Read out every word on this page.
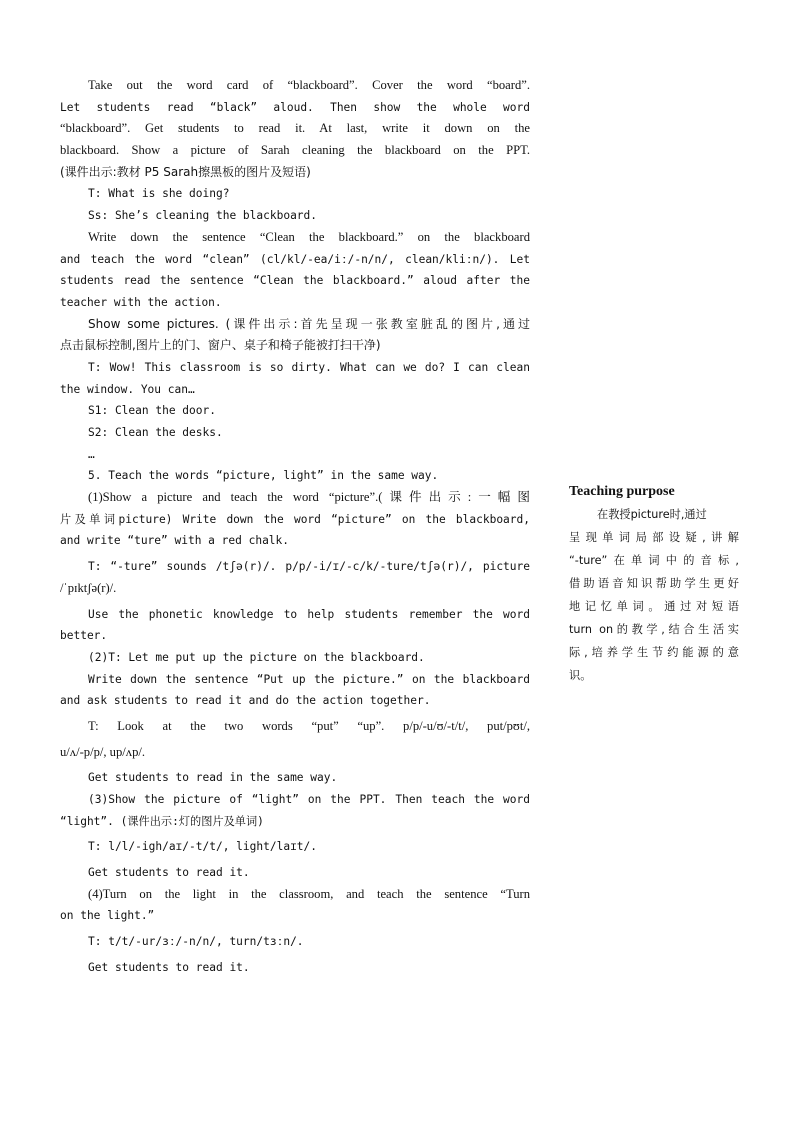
Take out the word card of “blackboard”. Cover the word “board”.
Let students read “black” aloud. Then show the whole word
“blackboard”. Get students to read it. At last, write it down on the
blackboard. Show a picture of Sarah cleaning the blackboard on the PPT.
(课件出示:教材 P5 Sarah擦黑板的图片及短语)
T: What is she doing?
Ss: She’s cleaning the blackboard.
Write down the sentence “Clean the blackboard.” on the blackboard
and teach the word “clean” (cl/kl/-ea/iː/-n/n/, clean/kliːn/). Let
students read the sentence “Clean the blackboard.” aloud after the
teacher with the action.
Show some pictures. (课件出示:首先呈现一张教室脏乱的图片,通过
点击鼠标控制,图片上的门、窗户、桌子和椅子能被打扫干净)
T: Wow! This classroom is so dirty. What can we do? I can clean
the window. You can…
S1: Clean the door.
S2: Clean the desks.
…
5. Teach the words “picture, light” in the same way.
(1)Show a picture and teach the word “picture”.(课件出示:一幅图
片及单词picture) Write down the word “picture” on the blackboard,
and write “ture” with a red chalk.
T: “-ture” sounds /tʃə(r)/. p/p/-i/ɪ/-c/k/-ture/tʃə(r)/, picture
/ˈpɪktʃə(r)/.
Use the phonetic knowledge to help students remember the word
better.
(2)T: Let me put up the picture on the blackboard.
Write down the sentence “Put up the picture.” on the blackboard
and ask students to read it and do the action together.
T: Look at the two words “put” “up”. p/p/-u/ʊ/-t/t/, put/pʊt/,
u/ʌ/-p/p/, up/ʌp/.
Get students to read in the same way.
(3)Show the picture of “light” on the PPT. Then teach the word
“light”. (课件出示:灯的图片及单词)
T: l/l/-igh/aɪ/-t/t/, light/laɪt/.
Get students to read it.
(4)Turn on the light in the classroom, and teach the sentence “Turn
on the light.”
T: t/t/-ur/ɜː/-n/n/, turn/tɜːn/.
Get students to read it.
Teaching purpose
在教授picture时,通过
呈现单词局部设疑,讲解
“-ture”在单词中的音标,
借助语音知识帮助学生更好
地记忆单词。通过对短语
turn on的教学,结合生活实
际,培养学生节约能源的意
识。
